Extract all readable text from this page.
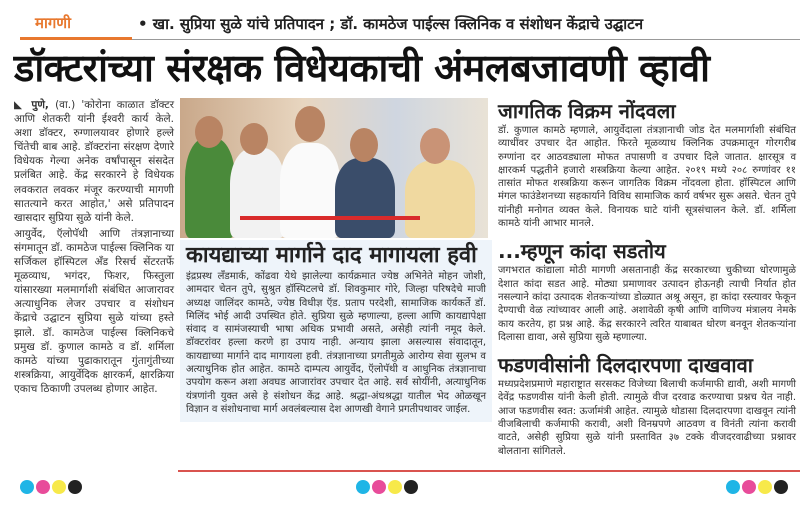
मागणी	• खा. सुप्रिया सुळे यांचे प्रतिपादन ; डॉ. कामठेज पाईल्स क्लिनिक व संशोधन केंद्राचे उद्घाटन
डॉक्टरांच्या संरक्षक विधेयकाची अंमलबजावणी व्हावी

◣ पुणे, (वा.) 'कोरोना काळात डॉक्टर आणि शेतकरी यांनी ईश्वरी कार्य केले. अशा डॉक्टर, रुग्णालयावर होणारे हल्ले चिंतेची बाब आहे. डॉक्टरांना संरक्षण देणारे विधेयक गेल्या अनेक वर्षांपासून संसदेत प्रलंबित आहे. केंद्र सरकारने हे विधेयक लवकरात लवकर मंजूर करण्याची मागणी सातत्याने करत आहोत,' असे प्रतिपादन खासदार सुप्रिया सुळे यांनी केले.

आयुर्वेद, ऍलोपॅथी आणि तंत्रज्ञानाच्या संगमातून डॉ. कामठेज पाईल्स क्लिनिक या सर्जिकल हॉस्पिटल अँड रिसर्च सेंटरतर्फे मूळव्याध, भगंदर, फिशर, फिस्तुला यांसारख्या मलमार्गाशी संबंधित आजारावर अत्याधुनिक लेजर उपचार व संशोधन केंद्राचे उद्घाटन सुप्रिया सुळे यांच्या हस्ते झाले. डॉ. कामठेज पाईल्स क्लिनिकचे प्रमुख डॉ. कुणाल कामठे व डॉ. शर्मिला कामठे यांच्या पुढाकारातून गुंतागुंतीच्या शस्त्रक्रिया, आयुर्वेदिक क्षारकर्म, क्षारक्रिया एकाच ठिकाणी उपलब्ध होणार आहेत.

कायद्याच्या मार्गाने दाद मागायला हवी

इंद्रप्रस्थ लँडमार्क, कोंढवा येथे झालेल्या कार्यक्रमात ज्येष्ठ अभिनेते मोहन जोशी, आमदार चेतन तुपे, सुश्रुत हॉस्पिटलचे डॉ. शिवकुमार गोरे, जिल्हा परिषदेचे माजी अध्यक्ष जालिंदर कामठे, ज्येष्ठ विधीज्ञ ऍड. प्रताप परदेशी, सामाजिक कार्यकर्ते डॉ. मिलिंद भोई आदी उपस्थित होते. सुप्रिया सुळे म्हणाल्या, हल्ला आणि कायद्यापेक्षा संवाद व सामंजस्याची भाषा अधिक प्रभावी असते, असेही त्यांनी नमूद केले. डॉक्टरांवर हल्ला करणे हा उपाय नाही. अन्याय झाला असल्यास संवादातून, कायद्याच्या मार्गाने दाद मागायला हवी. तंत्रज्ञानाच्या प्रगतीमुळे आरोग्य सेवा सुलभ व अत्याधुनिक होत आहेत. कामठे दाम्पत्य आयुर्वेद, ऍलोपॅथी व आधुनिक तंत्रज्ञानाचा उपयोग करून अशा अवघड आजारांवर उपचार देत आहे. सर्व सोयींनी, अत्याधुनिक यंत्रणांनी युक्त असे हे संशोधन केंद्र आहे. श्रद्धा-अंधश्रद्धा यातील भेद ओळखून विज्ञान व संशोधनाचा मार्ग अवलंबल्यास देश आणखी वेगाने प्रगतीपथावर जाईल.

जागतिक विक्रम नोंदवला

डॉ. कुणाल कामठे म्हणाले, आयुर्वेदाला तंत्रज्ञानाची जोड देत मलमार्गाशी संबंधित व्याधींवर उपचार देत आहोत. फिरते मूळव्याध क्लिनिक उपक्रमातून गोरगरीब रुग्णांना दर आठवड्याला मोफत तपासणी व उपचार दिले जातात. क्षारसूत्र व क्षारकर्म पद्धतीने हजारो शस्त्रक्रिया केल्या आहेत. २०१९ मध्ये २०८ रुग्णांवर ११ तासांत मोफत शस्त्रक्रिया करून जागतिक विक्रम नोंदवला होता. हॉस्पिटल आणि मंगल फाउंडेशनच्या सहकार्याने विविध सामाजिक कार्य वर्षभर सुरू असते. चेतन तुपे यांनीही मनोगत व्यक्त केले. विनायक घाटे यांनी सूत्रसंचालन केले. डॉ. शर्मिला कामठे यांनी आभार मानले.

...म्हणून कांदा सडतोय

जगभरात कांद्याला मोठी मागणी असतानाही केंद्र सरकारच्या चुकीच्या धोरणामुळे देशात कांदा सडत आहे. मोठ्या प्रमाणावर उत्पादन होऊनही त्याची निर्यात होत नसल्याने कांदा उत्पादक शेतकऱ्यांच्या डोळ्यात अश्रू असून, हा कांदा रस्त्यावर फेकून देण्याची वेळ त्यांच्यावर आली आहे. अशावेळी कृषी आणि वाणिज्य मंत्रालय नेमके काय करतेय, हा प्रश्न आहे. केंद्र सरकारने त्वरित याबाबत धोरण बनवून शेतकऱ्यांना दिलासा द्यावा, असे सुप्रिया सुळे म्हणाल्या.

फडणवीसांनी दिलदारपणा दाखवावा

मध्यप्रदेशप्रमाणे महाराष्ट्रात सरसकट विजेच्या बिलाची कर्जमाफी द्यावी, अशी मागणी देवेंद्र फडणवीस यांनी केली होती. त्यामुळे वीज दरवाढ करण्याचा प्रश्नच येत नाही. आज फडणवीस स्वत: ऊर्जामंत्री आहेत. त्यामुळे थोडासा दिलदारपणा दाखवून त्यांनी वीजबिलाची कर्जमाफी करावी, अशी विनम्रपणे आठवण व विनंती त्यांना करावी वाटते, असेही सुप्रिया सुळे यांनी प्रस्तावित ३७ टक्के वीजदरवाढीच्या प्रश्नावर बोलताना सांगितले.
